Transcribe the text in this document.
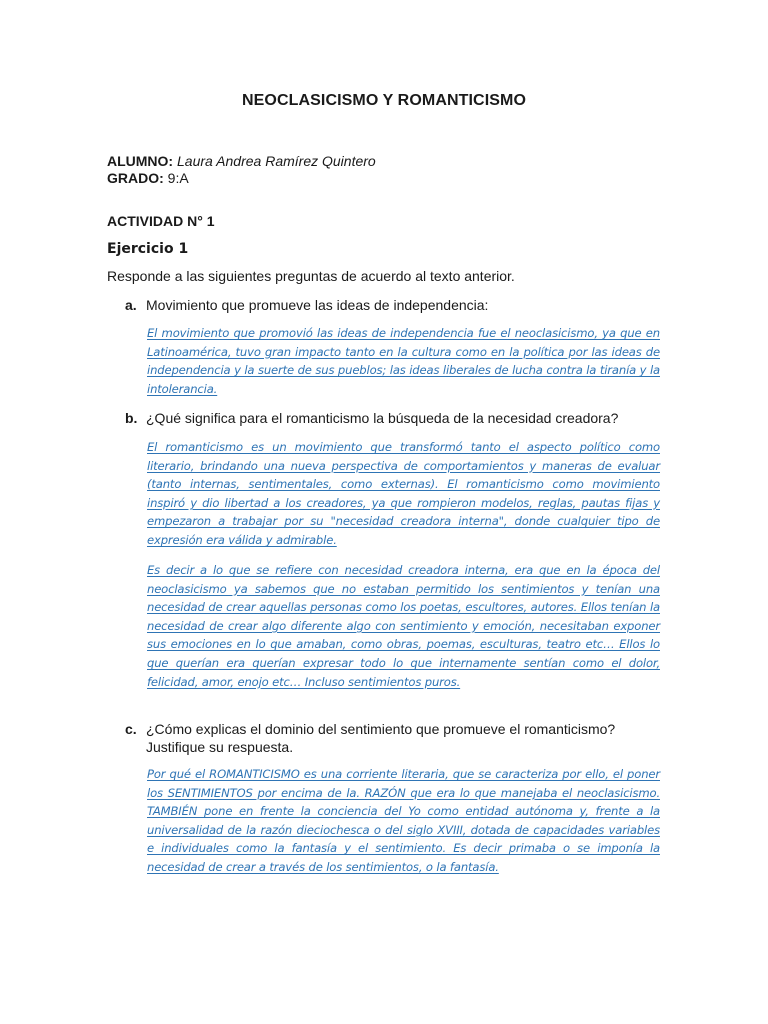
NEOCLASICISMO Y ROMANTICISMO
ALUMNO: Laura Andrea Ramírez Quintero
GRADO: 9:A
ACTIVIDAD N° 1
Ejercicio 1
Responde a las siguientes preguntas de acuerdo al texto anterior.
a. Movimiento que promueve las ideas de independencia:
El movimiento que promovió las ideas de independencia fue el neoclasicismo, ya que en Latinoamérica, tuvo gran impacto tanto en la cultura como en la política por las ideas de independencia y la suerte de sus pueblos; las ideas liberales de lucha contra la tiranía y la intolerancia.
b. ¿Qué significa para el romanticismo la búsqueda de la necesidad creadora?
El romanticismo es un movimiento que transformó tanto el aspecto político como literario, brindando una nueva perspectiva de comportamientos y maneras de evaluar (tanto internas, sentimentales, como externas). El romanticismo como movimiento inspiró y dio libertad a los creadores, ya que rompieron modelos, reglas, pautas fijas y empezaron a trabajar por su "necesidad creadora interna", donde cualquier tipo de expresión era válida y admirable.
Es decir a lo que se refiere con necesidad creadora interna, era que en la época del neoclasicismo ya sabemos que no estaban permitido los sentimientos y tenían una necesidad de crear aquellas personas como los poetas, escultores, autores. Ellos tenían la necesidad de crear algo diferente algo con sentimiento y emoción, necesitaban exponer sus emociones en lo que amaban, como obras, poemas, esculturas, teatro etc… Ellos lo que querían era querían expresar todo lo que internamente sentían como el dolor, felicidad, amor, enojo etc… Incluso sentimientos puros.
c.¿Cómo explicas el dominio del sentimiento que promueve el romanticismo? Justifique su respuesta.
Por qué el ROMANTICISMO es una corriente literaria, que se caracteriza por ello, el poner los SENTIMIENTOS por encima de la. RAZÓN que era lo que manejaba el neoclasicismo. TAMBIÉN pone en frente la conciencia del Yo como entidad autónoma y, frente a la universalidad de la razón dieciochesca o del siglo XVIII, dotada de capacidades variables e individuales como la fantasía y el sentimiento. Es decir primaba o se imponía la necesidad de crear a través de los sentimientos, o la fantasía.
